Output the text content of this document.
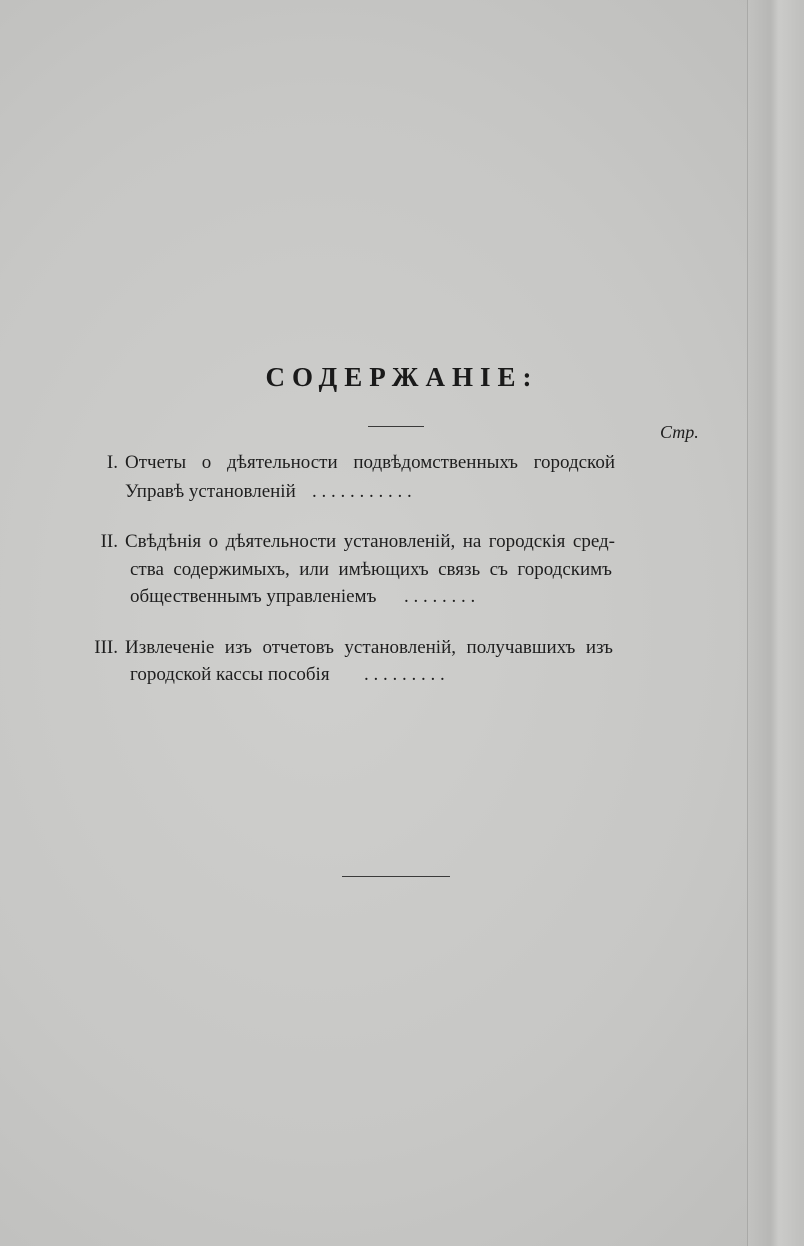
СОДЕРЖАНІЕ:
Стр.
I. Отчеты о дѣятельности подвѣдомственныхъ городской
Управѣ установленій . . . . . . . . . . .
II. Свѣдѣнія о дѣятельности установленій, на городскія сред-
ства содержимыхъ, или имѣющихъ связь съ городскимъ
общественнымъ управленіемъ . . . . . . . .
III. Извлеченіе изъ отчетовъ установленій, получавшихъ изъ
городской кассы пособія . . . . . . . . .
